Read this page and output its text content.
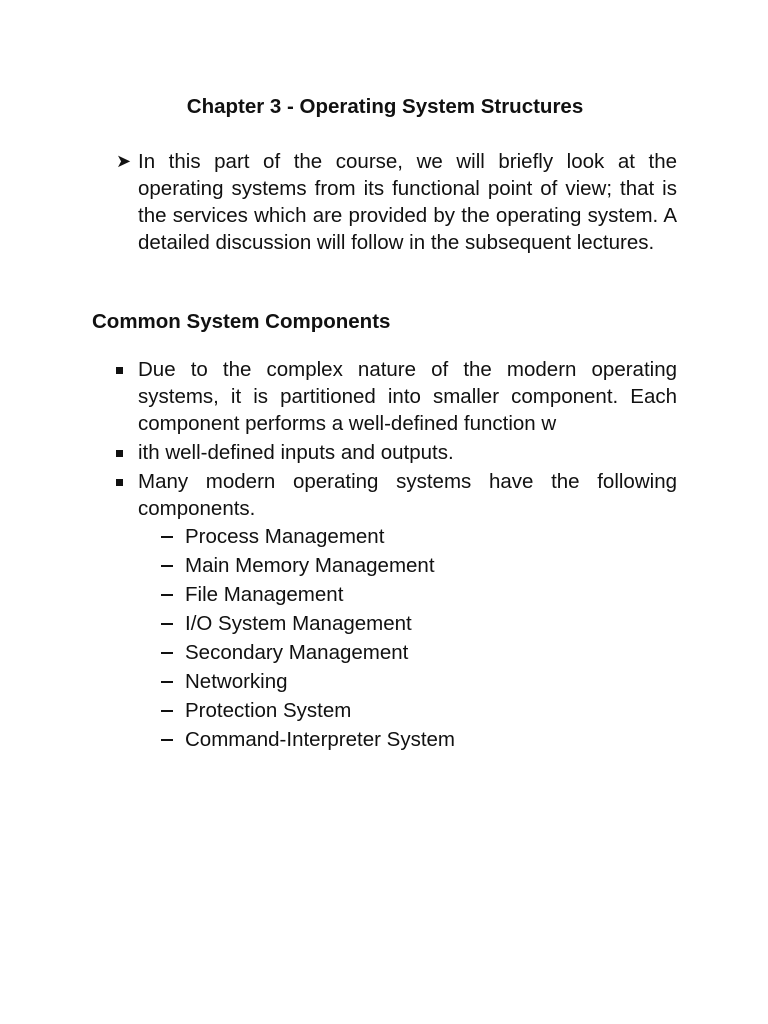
Chapter 3 - Operating System Structures
➤ In this part of the course, we will briefly look at the operating systems from its functional point of view; that is the services which are provided by the operating system. A detailed discussion will follow in the subsequent lectures.
Common System Components
Due to the complex nature of the modern operating systems, it is partitioned into smaller component. Each component performs a well-defined function w
ith well-defined inputs and outputs.
Many modern operating systems have the following components.
Process Management
Main Memory Management
File Management
I/O System Management
Secondary Management
Networking
Protection System
Command-Interpreter System
